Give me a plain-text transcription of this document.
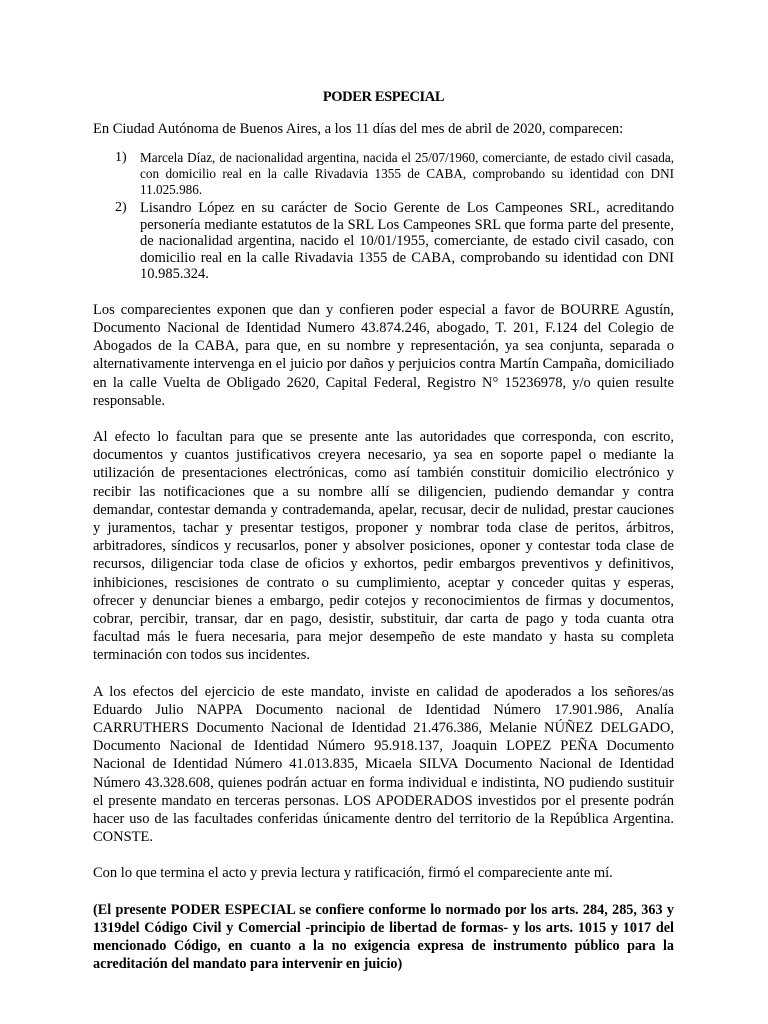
PODER ESPECIAL

En Ciudad Autónoma de Buenos Aires, a los 11 días del mes de abril de 2020, comparecen:

1) Marcela Díaz, de nacionalidad argentina, nacida el 25/07/1960, comerciante, de estado civil casada, con domicilio real en la calle Rivadavia 1355 de CABA, comprobando su identidad con DNI 11.025.986.
2) Lisandro López en su carácter de Socio Gerente de Los Campeones SRL, acreditando personería mediante estatutos de la SRL Los Campeones SRL que forma parte del presente, de nacionalidad argentina, nacido el 10/01/1955, comerciante, de estado civil casado, con domicilio real en la calle Rivadavia 1355 de CABA, comprobando su identidad con DNI 10.985.324.

Los comparecientes exponen que dan y confieren poder especial a favor de BOURRE Agustín, Documento Nacional de Identidad Numero 43.874.246, abogado, T. 201, F.124 del Colegio de Abogados de la CABA, para que, en su nombre y representación, ya sea conjunta, separada o alternativamente intervenga en el juicio por daños y perjuicios contra Martín Campaña, domiciliado en la calle Vuelta de Obligado 2620, Capital Federal, Registro N° 15236978, y/o quien resulte responsable.

Al efecto lo facultan para que se presente ante las autoridades que corresponda, con escrito, documentos y cuantos justificativos creyera necesario, ya sea en soporte papel o mediante la utilización de presentaciones electrónicas, como así también constituir domicilio electrónico y recibir las notificaciones que a su nombre allí se diligencien, pudiendo demandar y contra demandar, contestar demanda y contrademanda, apelar, recusar, decir de nulidad, prestar cauciones y juramentos, tachar y presentar testigos, proponer y nombrar toda clase de peritos, árbitros, arbitradores, síndicos y recusarlos, poner y absolver posiciones, oponer y contestar toda clase de recursos, diligenciar toda clase de oficios y exhortos, pedir embargos preventivos y definitivos, inhibiciones, rescisiones de contrato o su cumplimiento, aceptar y conceder quitas y esperas, ofrecer y denunciar bienes a embargo, pedir cotejos y reconocimientos de firmas y documentos, cobrar, percibir, transar, dar en pago, desistir, substituir, dar carta de pago y toda cuanta otra facultad más le fuera necesaria, para mejor desempeño de este mandato y hasta su completa terminación con todos sus incidentes.

A los efectos del ejercicio de este mandato, inviste en calidad de apoderados a los señores/as Eduardo Julio NAPPA Documento nacional de Identidad Número 17.901.986, Analía CARRUTHERS Documento Nacional de Identidad 21.476.386, Melanie NÚÑEZ DELGADO, Documento Nacional de Identidad Número 95.918.137, Joaquin LOPEZ PEÑA Documento Nacional de Identidad Número 41.013.835, Micaela SILVA Documento Nacional de Identidad Número 43.328.608, quienes podrán actuar en forma individual e indistinta, NO pudiendo sustituir el presente mandato en terceras personas. LOS APODERADOS investidos por el presente podrán hacer uso de las facultades conferidas únicamente dentro del territorio de la República Argentina. CONSTE.

Con lo que termina el acto y previa lectura y ratificación, firmó el compareciente ante mí.

(El presente PODER ESPECIAL se confiere conforme lo normado por los arts. 284, 285, 363 y 1319del Código Civil y Comercial -principio de libertad de formas- y los arts. 1015 y 1017 del mencionado Código, en cuanto a la no exigencia expresa de instrumento público para la acreditación del mandato para intervenir en juicio)
